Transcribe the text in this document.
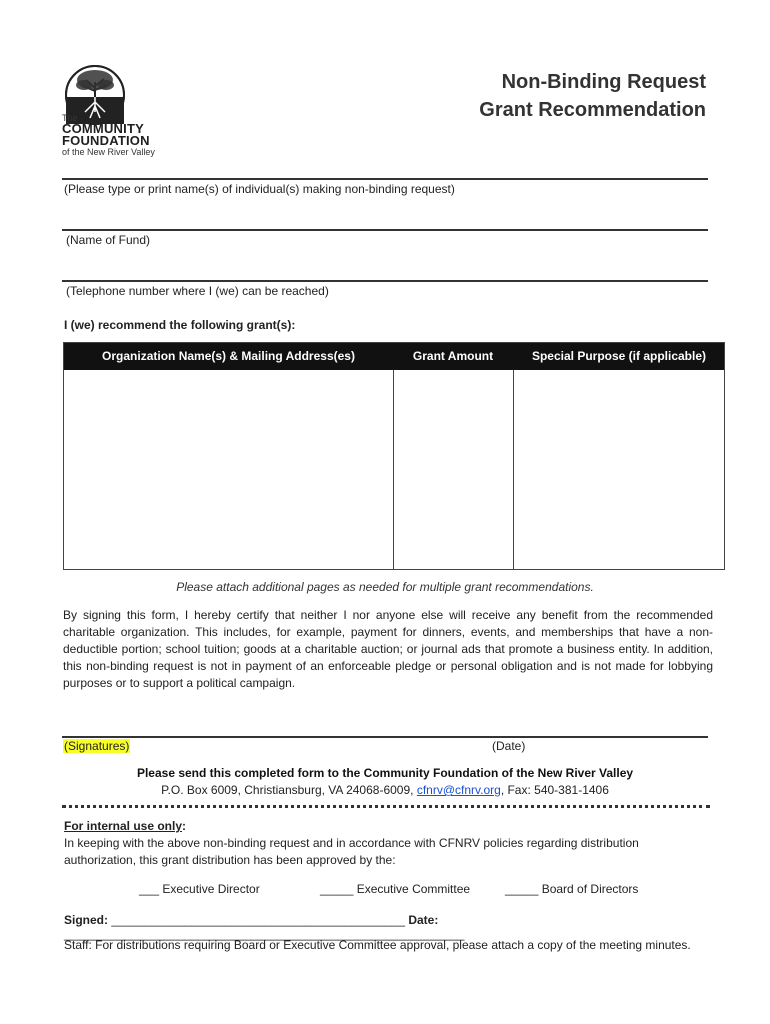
The
COMMUNITY
FOUNDATION
of the New River Valley
Non-Binding Request
Grant Recommendation
(Please type or print name(s) of individual(s) making non-binding request)
(Name of Fund)
(Telephone number where I (we) can be reached)
I (we) recommend the following grant(s):
Organization Name(s) & Mailing Address(es)	Grant Amount	Special Purpose (if applicable)
Please attach additional pages as needed for multiple grant recommendations.
By signing this form, I hereby certify that neither I nor anyone else will receive any benefit from the recommended charitable organization. This includes, for example, payment for dinners, events, and memberships that have a non-deductible portion; school tuition; goods at a charitable auction; or journal ads that promote a business entity. In addition, this non-binding request is not in payment of an enforceable pledge or personal obligation and is not made for lobbying purposes or to support a political campaign.
(Signatures)	(Date)
Please send this completed form to the Community Foundation of the New River Valley
P.O. Box 6009, Christiansburg, VA 24068-6009, cfnrv@cfnrv.org, Fax: 540-381-1406
For internal use only:
In keeping with the above non-binding request and in accordance with CFNRV policies regarding distribution authorization, this grant distribution has been approved by the:
___ Executive Director	_____ Executive Committee	_____ Board of Directors
Signed: ____________________________________________ Date: ____________________________________________________________
Staff: For distributions requiring Board or Executive Committee approval, please attach a copy of the meeting minutes.
